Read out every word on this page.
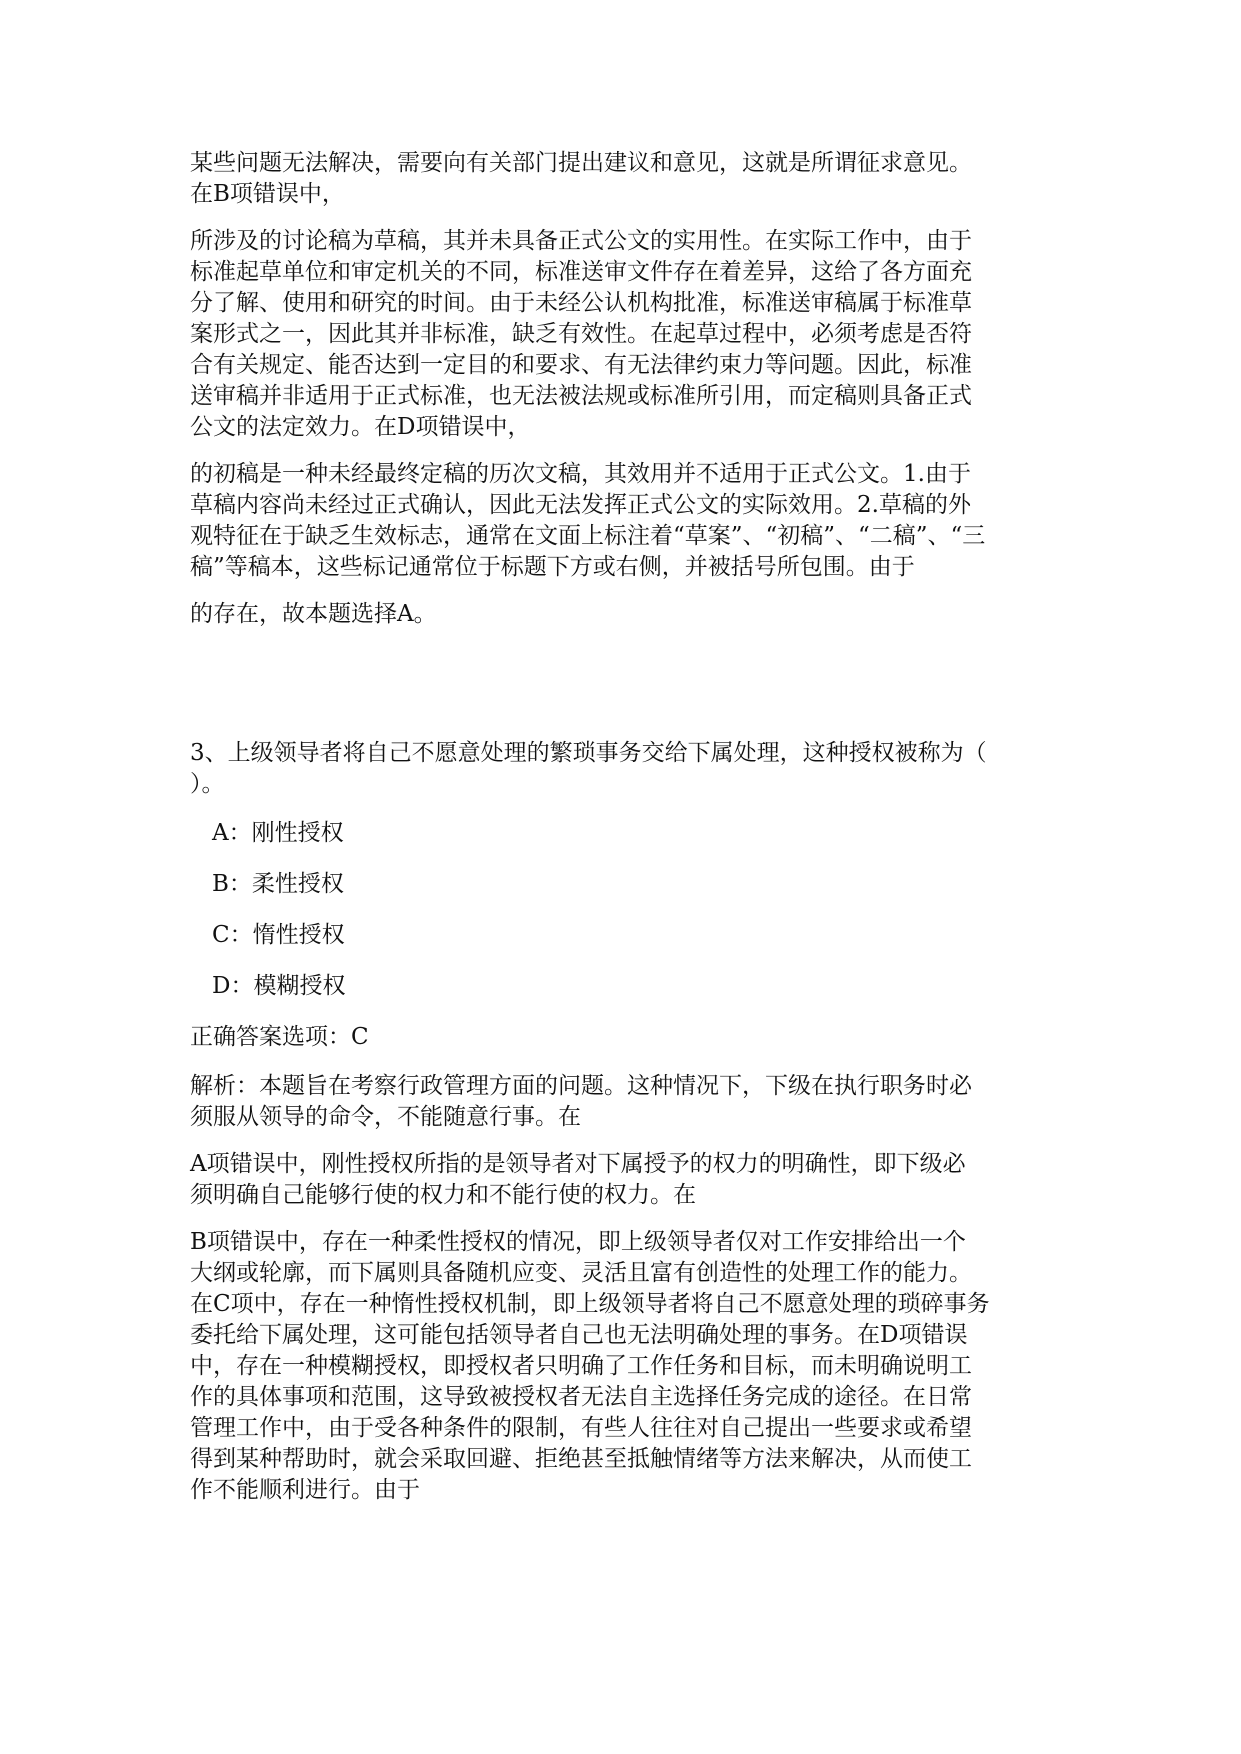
某些问题无法解决，需要向有关部门提出建议和意见，这就是所谓征求意见。
在B项错误中，

所涉及的讨论稿为草稿，其并未具备正式公文的实用性。在实际工作中，由于
标准起草单位和审定机关的不同，标准送审文件存在着差异，这给了各方面充
分了解、使用和研究的时间。由于未经公认机构批准，标准送审稿属于标准草
案形式之一，因此其并非标准，缺乏有效性。在起草过程中，必须考虑是否符
合有关规定、能否达到一定目的和要求、有无法律约束力等问题。因此，标准
送审稿并非适用于正式标准，也无法被法规或标准所引用，而定稿则具备正式
公文的法定效力。在D项错误中，

的初稿是一种未经最终定稿的历次文稿，其效用并不适用于正式公文。1.由于
草稿内容尚未经过正式确认，因此无法发挥正式公文的实际效用。2.草稿的外
观特征在于缺乏生效标志，通常在文面上标注着“草案”、“初稿”、“二稿”、“三
稿”等稿本，这些标记通常位于标题下方或右侧，并被括号所包围。由于

的存在，故本题选择A。

3、上级领导者将自己不愿意处理的繁琐事务交给下属处理，这种授权被称为（
）。

A：刚性授权

B：柔性授权

C：惰性授权

D：模糊授权

正确答案选项：C

解析：本题旨在考察行政管理方面的问题。这种情况下，下级在执行职务时必
须服从领导的命令，不能随意行事。在

A项错误中，刚性授权所指的是领导者对下属授予的权力的明确性，即下级必
须明确自己能够行使的权力和不能行使的权力。在

B项错误中，存在一种柔性授权的情况，即上级领导者仅对工作安排给出一个
大纲或轮廓，而下属则具备随机应变、灵活且富有创造性的处理工作的能力。
在C项中，存在一种惰性授权机制，即上级领导者将自己不愿意处理的琐碎事务
委托给下属处理，这可能包括领导者自己也无法明确处理的事务。在D项错误
中，存在一种模糊授权，即授权者只明确了工作任务和目标，而未明确说明工
作的具体事项和范围，这导致被授权者无法自主选择任务完成的途径。在日常
管理工作中，由于受各种条件的限制，有些人往往对自己提出一些要求或希望
得到某种帮助时，就会采取回避、拒绝甚至抵触情绪等方法来解决，从而使工
作不能顺利进行。由于
